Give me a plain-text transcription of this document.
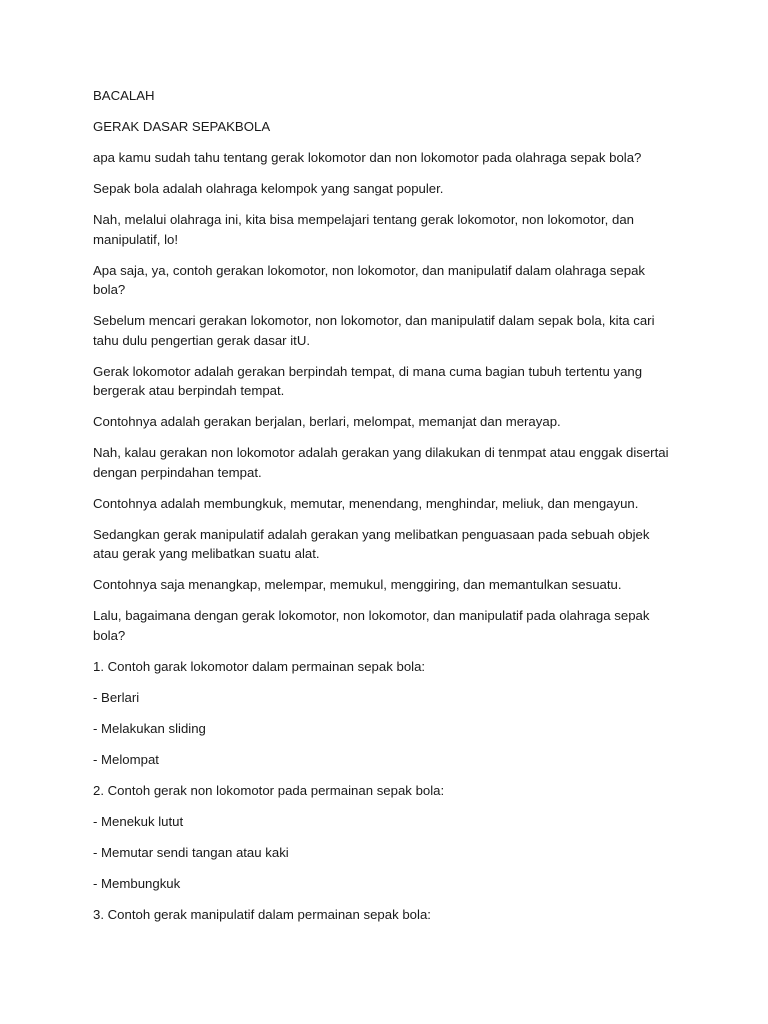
BACALAH

GERAK DASAR SEPAKBOLA

apa kamu sudah tahu tentang gerak lokomotor dan non lokomotor pada olahraga sepak bola?

Sepak bola adalah olahraga kelompok yang sangat populer.

Nah, melalui olahraga ini, kita bisa mempelajari tentang gerak lokomotor, non lokomotor, dan manipulatif, lo!

Apa saja, ya, contoh gerakan lokomotor, non lokomotor, dan manipulatif dalam olahraga sepak bola?

Sebelum mencari gerakan lokomotor, non lokomotor, dan manipulatif dalam sepak bola, kita cari tahu dulu pengertian gerak dasar itU.

Gerak lokomotor adalah gerakan berpindah tempat, di mana cuma bagian tubuh tertentu yang bergerak atau berpindah tempat.

Contohnya adalah gerakan berjalan, berlari, melompat, memanjat dan merayap.

Nah, kalau gerakan non lokomotor adalah gerakan yang dilakukan di tenmpat atau enggak disertai dengan perpindahan tempat.

Contohnya adalah membungkuk, memutar, menendang, menghindar, meliuk, dan mengayun.

Sedangkan gerak manipulatif adalah gerakan yang melibatkan penguasaan pada sebuah objek atau gerak yang melibatkan suatu alat.

Contohnya saja menangkap, melempar, memukul, menggiring, dan memantulkan sesuatu.

Lalu, bagaimana dengan gerak lokomotor, non lokomotor, dan manipulatif pada olahraga sepak bola?

1. Contoh garak lokomotor dalam permainan sepak bola:

- Berlari

- Melakukan sliding

- Melompat

2. Contoh gerak non lokomotor pada permainan sepak bola:

- Menekuk lutut

- Memutar sendi tangan atau kaki

- Membungkuk

3. Contoh gerak manipulatif dalam permainan sepak bola:
